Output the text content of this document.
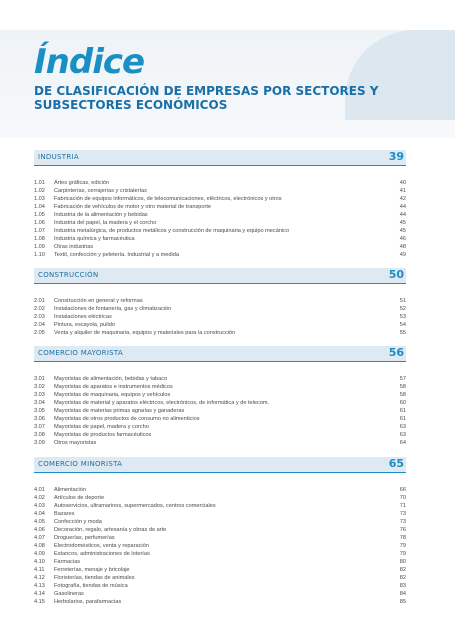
Índice
DE CLASIFICACIÓN DE EMPRESAS POR SECTORES Y SUBSECTORES ECONÓMICOS
INDUSTRIA	39
1.01	Artes gráficas, edición	40
1.02	Carpinterías, cerrajerías y cristalerías	41
1.03	Fabricación de equipos informáticos, de telecomunicaciones, eléctricos, electrónicos y otros	42
1.04	Fabricación de vehículos de motor y otro material de transporte	44
1.05	Industria de la alimentación y bebidas	44
1.06	Industria del papel, la madera y el corcho	45
1.07	Industria metalúrgica, de productos metálicos y construcción de maquinaria y equipo mecánico	45
1.08	Industria química y farmacéutica	46
1.09	Otras industrias	48
1.10	Textil, confección y peletería. Industrial y a medida	49
CONSTRUCCIÓN	50
2.01	Construcción en general y reformas	51
2.02	Instalaciones de fontanería, gas y climatización	52
2.03	Instalaciones eléctricas	53
2.04	Pintura, escayola, pulido	54
2.05	Venta y alquiler de maquinaria, equipos y materiales para la construcción	55
COMERCIO MAYORISTA	56
3.01	Mayoristas de alimentación, bebidas y tabaco	57
3.02	Mayoristas de aparatos e instrumentos médicos	58
3.03	Mayoristas de maquinaria, equipos y vehículos	58
3.04	Mayoristas de material y aparatos eléctricos, electrónicos, de informática y de telecom.	60
3.05	Mayoristas de materias primas agrarias y ganaderas	61
3.06	Mayoristas de otros productos de consumo no alimenticios	61
3.07	Mayoristas de papel, madera y corcho	63
3.08	Mayoristas de productos farmacéuticos	63
3.09	Otros mayoristas	64
COMERCIO MINORISTA	65
4.01	Alimentación	66
4.02	Artículos de deporte	70
4.03	Autoservicios, ultramarinos, supermercados, centros comerciales	71
4.04	Bazares	73
4.05	Confección y moda	73
4.06	Decoración, regalo, artesanía y obras de arte	76
4.07	Droguerías, perfumerías	78
4.08	Electrodomésticos, venta y reparación	79
4.09	Estancos, administraciones de loterías	79
4.10	Farmacias	80
4.11	Ferreterías, menaje y bricolaje	82
4.12	Floristerías, tiendas de animales	82
4.13	Fotografía, tiendas de música	83
4.14	Gasolineras	84
4.15	Herbolarios, parafarmacias	85
